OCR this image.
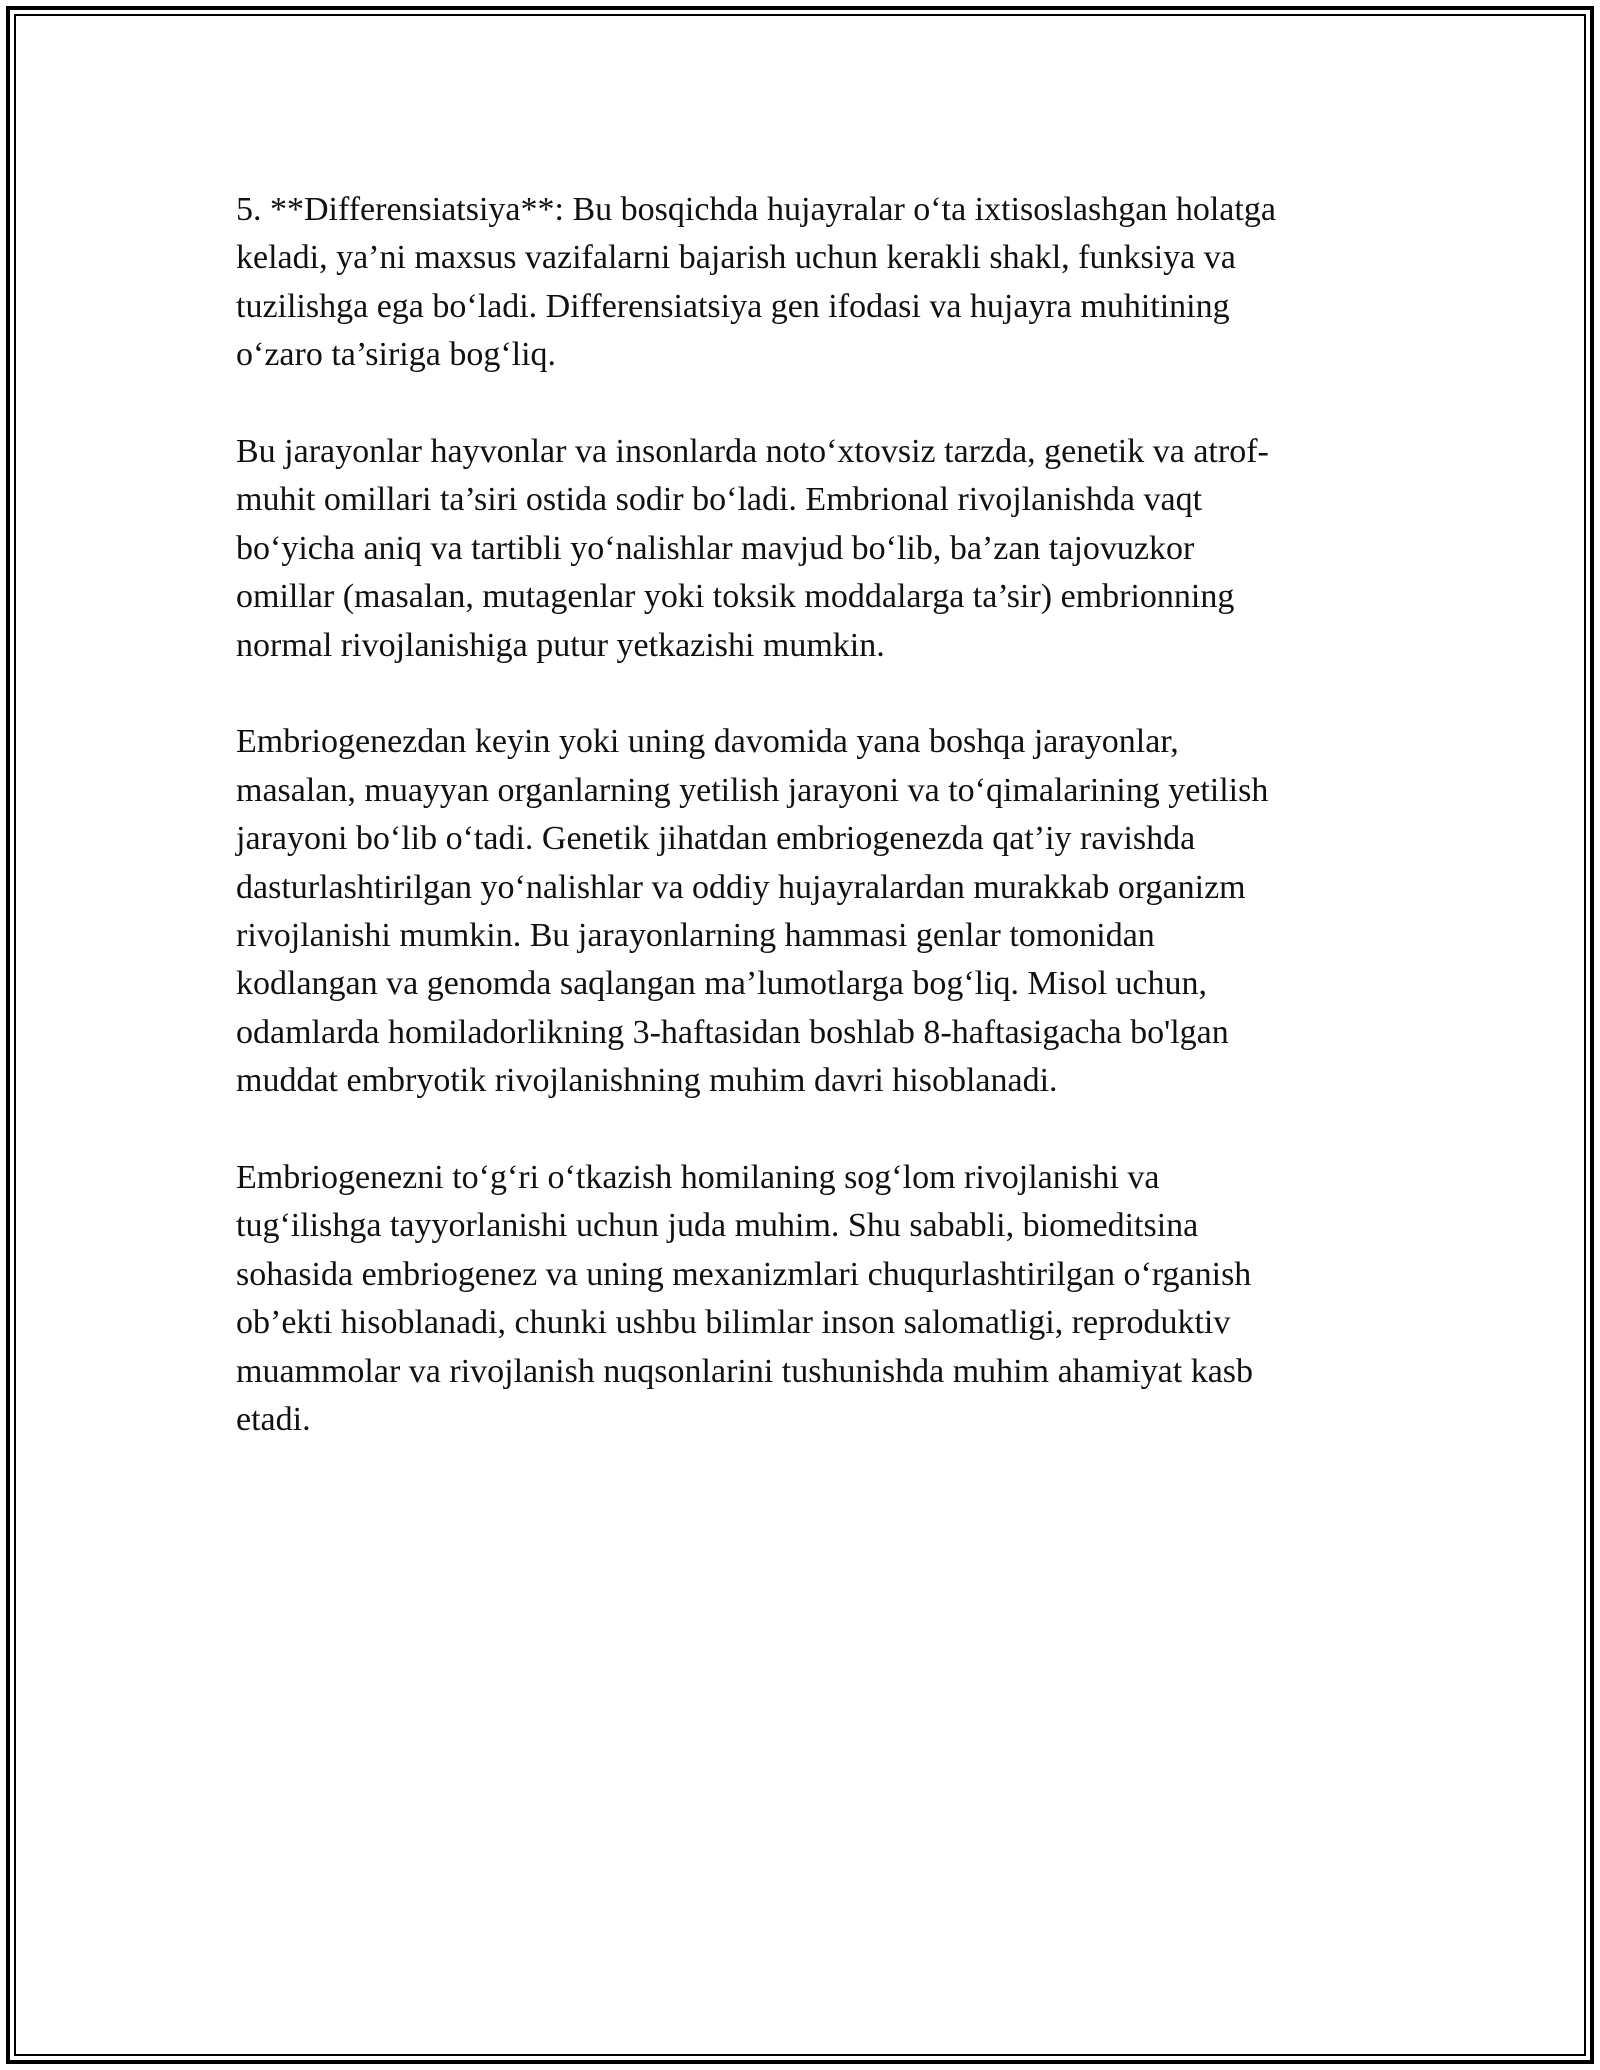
5. **Differensiatsiya**: Bu bosqichda hujayralar o‘ta ixtisoslashgan holatga
keladi, ya’ni maxsus vazifalarni bajarish uchun kerakli shakl, funksiya va
tuzilishga ega bo‘ladi. Differensiatsiya gen ifodasi va hujayra muhitining
o‘zaro ta’siriga bog‘liq.

Bu jarayonlar hayvonlar va insonlarda noto‘xtovsiz tarzda, genetik va atrof-
muhit omillari ta’siri ostida sodir bo‘ladi. Embrional rivojlanishda vaqt
bo‘yicha aniq va tartibli yo‘nalishlar mavjud bo‘lib, ba’zan tajovuzkor
omillar (masalan, mutagenlar yoki toksik moddalarga ta’sir) embrionning
normal rivojlanishiga putur yetkazishi mumkin.

Embriogenezdan keyin yoki uning davomida yana boshqa jarayonlar,
masalan, muayyan organlarning yetilish jarayoni va to‘qimalarining yetilish
jarayoni bo‘lib o‘tadi. Genetik jihatdan embriogenezda qat’iy ravishda
dasturlashtirilgan yo‘nalishlar va oddiy hujayralardan murakkab organizm
rivojlanishi mumkin. Bu jarayonlarning hammasi genlar tomonidan
kodlangan va genomda saqlangan ma’lumotlarga bog‘liq. Misol uchun,
odamlarda homiladorlikning 3-haftasidan boshlab 8-haftasigacha bo'lgan
muddat embryotik rivojlanishning muhim davri hisoblanadi.

Embriogenezni to‘g‘ri o‘tkazish homilaning sog‘lom rivojlanishi va
tug‘ilishga tayyorlanishi uchun juda muhim. Shu sababli, biomeditsina
sohasida embriogenez va uning mexanizmlari chuqurlashtirilgan o‘rganish
ob’ekti hisoblanadi, chunki ushbu bilimlar inson salomatligi, reproduktiv
muammolar va rivojlanish nuqsonlarini tushunishda muhim ahamiyat kasb
etadi.
